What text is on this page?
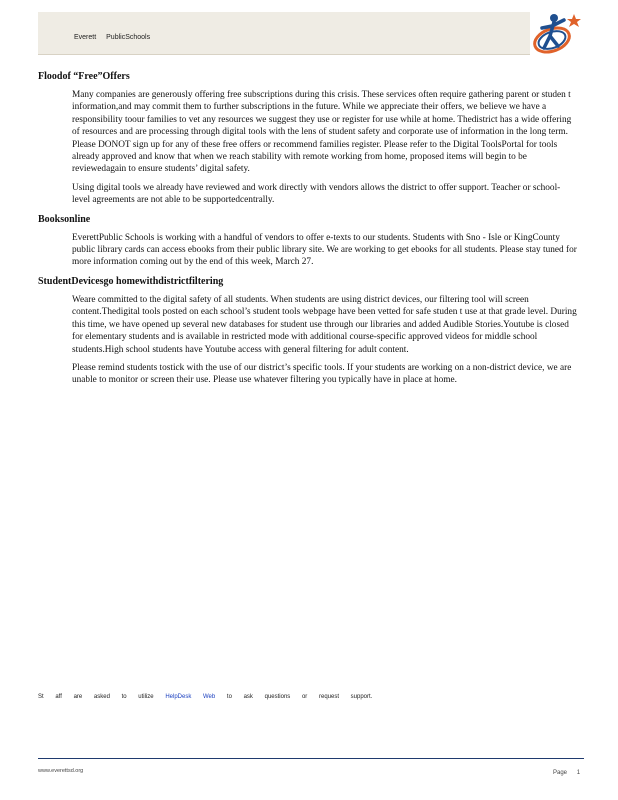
Everett PublicSchools
Floodof “Free”Offers

Many companies are generously offering free subscriptions during this crisis. These services often require gathering parent or studen t information,and may commit them to further subscriptions in the future. While we appreciate their offers, we believe we have a responsibility toour families to vet any resources we suggest they use or register for use while at home. Thedistrict has a wide offering of resources and are processing through digital tools with the lens of student safety and corporate use of information in the long term. Please DONOT sign up for any of these free offers or recommend families register. Please refer to the Digital ToolsPortal for tools already approved and know that when we reach stability with remote working from home, proposed items will begin to be reviewedagain to ensure students’ digital safety.

Using digital tools we already have reviewed and work directly with vendors allows the district to offer support. Teacher or school-level agreements are not able to be supportedcentrally.

Booksonline

EverettPublic Schools is working with a handful of vendors to offer e-texts to our students. Students with Sno - Isle or KingCounty public library cards can access ebooks from their public library site. We are working to get ebooks for all students. Please stay tuned for more information coming out by the end of this week, March 27.

StudentDevicesgo homewithdistrictfiltering

Weare committed to the digital safety of all students. When students are using district devices, our filtering tool will screen content.Thedigital tools posted on each school’s student tools webpage have been vetted for safe studen t use at that grade level. During this time, we have opened up several new databases for student use through our libraries and added Audible Stories.Youtube is closed for elementary students and is available in restricted mode with additional course-specific approved videos for middle school students.High school students have Youtube access with general filtering for adult content.

Please remind students tostick with the use of our district’s specific tools. If your students are working on a non-district device, we are unable to monitor or screen their use. Please use whatever filtering you typically have in place at home.

St aff are asked to utilize HelpDesk Web to ask questions or request support.
www.everettsd.org	Page 1
